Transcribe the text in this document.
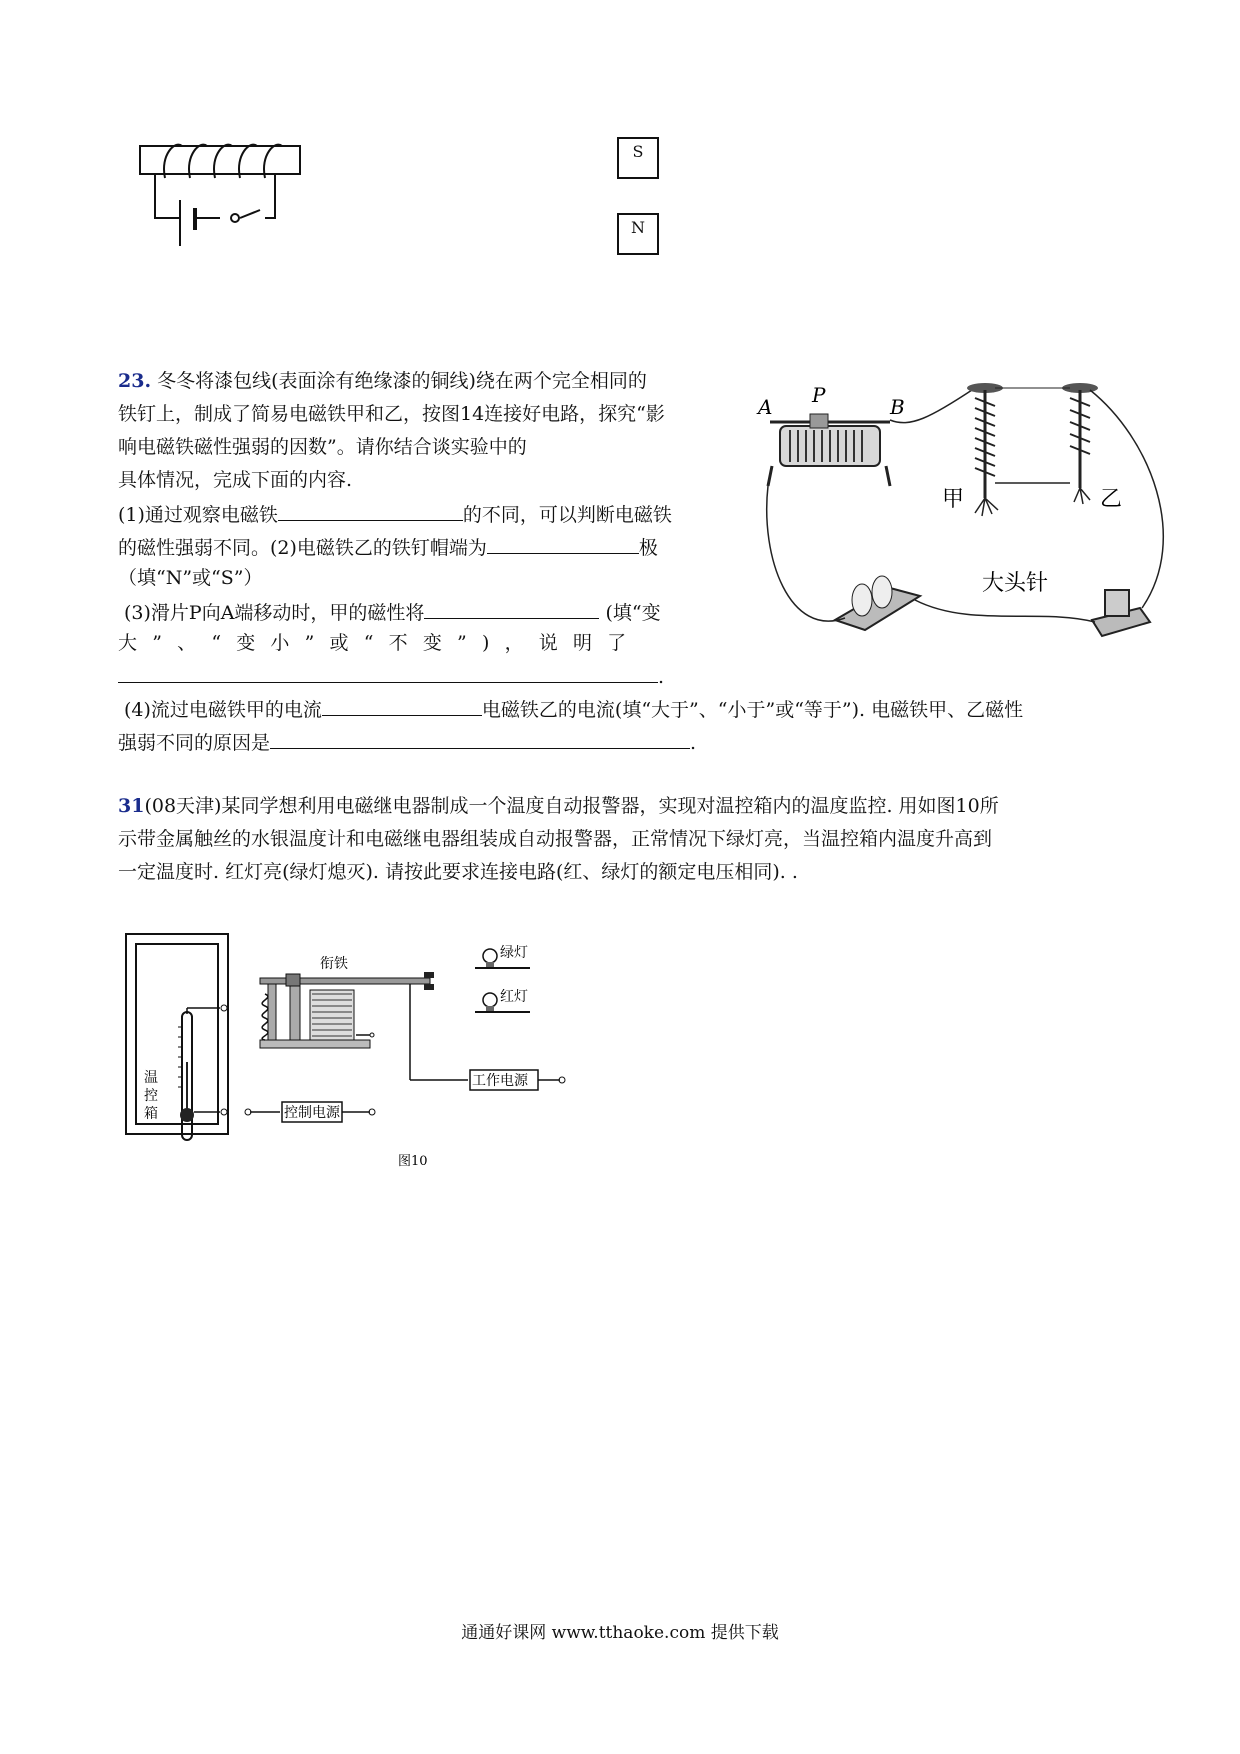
S
N
23. 冬冬将漆包线(表面涂有绝缘漆的铜线)绕在两个完全相同的
铁钉上，制成了简易电磁铁甲和乙，按图14连接好电路，探究“影
响电磁铁磁性强弱的因数”。请你结合谈实验中的
具体情况，完成下面的内容.
(1)通过观察电磁铁	的不同，可以判断电磁铁
的磁性强弱不同。(2)电磁铁乙的铁钉帽端为	极
（填“N”或“S”）
(3)滑片P向A端移动时，甲的磁性将	(填“变
大”、“变小”或“不变”)，说明了
.
(4)流过电磁铁甲的电流	电磁铁乙的电流(填“大于”、“小于”或“等于”). 电磁铁甲、乙磁性
强弱不同的原因是	.
A P	B
甲	乙
大头针
31(08天津)某同学想利用电磁继电器制成一个温度自动报警器，实现对温控箱内的温度监控. 用如图10所
示带金属触丝的水银温度计和电磁继电器组装成自动报警器，正常情况下绿灯亮，当温控箱内温度升高到
一定温度时. 红灯亮(绿灯熄灭). 请按此要求连接电路(红、绿灯的额定电压相同). .
温
控
箱
衔铁
绿灯
红灯
控制电源
工作电源
图10
通通好课网 www.tthaoke.com 提供下载
